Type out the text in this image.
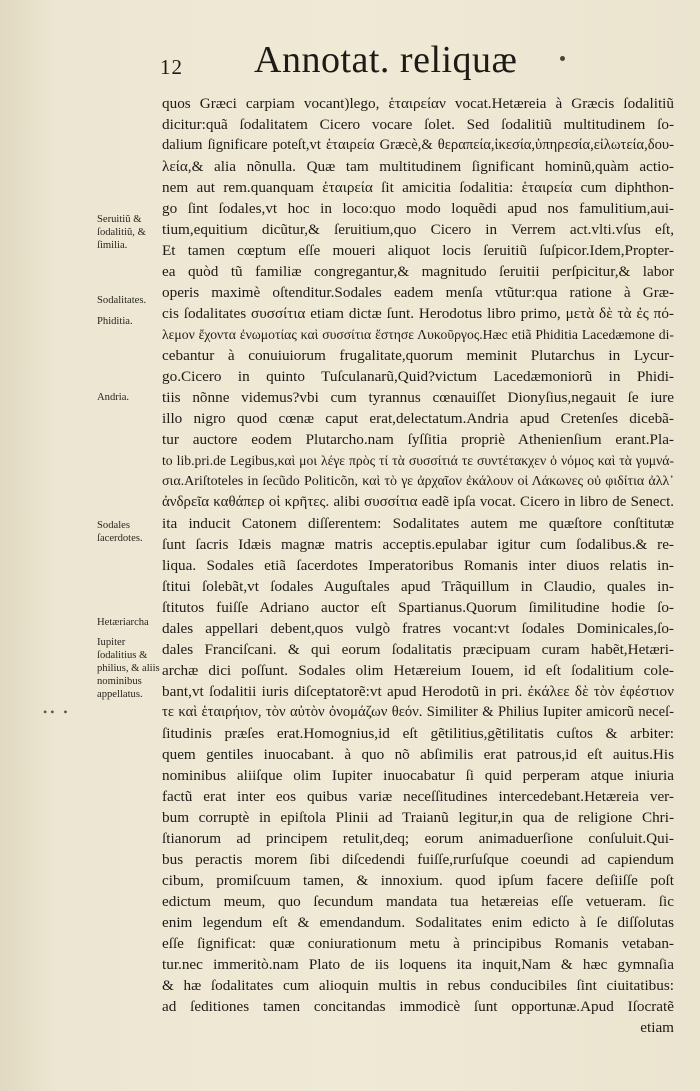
12 Annotat. reliquæ
•• •
Seruitiũ & ſodalitiũ, & ſimilia.
Sodalitates.
Phiditia.
Andria.
Sodales ſacerdotes.
Hetæriarcha
Iupiter ſodalitius & philius, & aliis nominibus appellatus.
quos Græci carpiam vocant)lego, ἑταιρείαν vocat.Hetæreia à Græcis ſodalitiũ
dicitur:quã ſodalitatem Cicero vocare ſolet. Sed ſodalitiũ multitudinem ſo-
dalium ſignificare poteſt,vt ἑταιρεία Græcè,& θεραπεία,ἱκεσία,ὑπηρεσία,εἰλωτεία,δου-
λεία,& alia nõnulla. Quæ tam multitudinem ſignificant hominũ,quàm actio-
nem aut rem.quanquam ἑταιρεία ſit amicitia ſodalitia: ἑταιρεία cum diphthon-
go ſint ſodales,vt hoc in loco:quo modo loquẽdi apud nos famulitium,aui-
tium,equitium dicũtur,& ſeruitium,quo Cicero in Verrem act.vlti.vſus eſt,
Et tamen cœptum eſſe moueri aliquot locis ſeruitiũ ſuſpicor.Idem,Propter-
ea quòd tũ familiæ congregantur,& magnitudo ſeruitii perſpicitur,& labor
operis maximè oſtenditur.Sodales eadem menſa vtũtur:qua ratione à Græ-
cis ſodalitates συσσίτια etiam dictæ ſunt. Herodotus libro primo, μετὰ δὲ τὰ ἐς πό-
λεμον ἔχοντα ἐνωμοτίας καὶ συσσίτια ἔστησε Λυκοῦργος.Hæc etiã Phiditia Lacedæmone di-
cebantur à conuiuiorum frugalitate,quorum meminit Plutarchus in Lycur-
go.Cicero in quinto Tuſculanarũ,Quid?victum Lacedæmoniorũ in Phidi-
tiis nõnne videmus?vbi cum tyrannus cœnauiſſet Dionyſius,negauit ſe iure
illo nigro quod cœnæ caput erat,delectatum.Andria apud Cretenſes dicebã-
tur auctore eodem Plutarcho.nam ſyſſitia propriè Athenienſium erant.Pla-
to lib.pri.de Legibus,καὶ μοι λέγε πρὸς τί τὰ συσσίτιά τε συντέτακχεν ὁ νόμος καὶ τὰ γυμνά-
σια.Ariſtoteles in ſecũdo Politicõn, καὶ τὸ γε ἀρχαῖον ἐκάλουν οἱ Λάκωνες οὐ φιδίτια ἀλλ᾽
ἀνδρεῖα καθάπερ οἱ κρῆτες. alibi συσσίτια eadẽ ipſa vocat. Cicero in libro de Senect.
ita inducit Catonem diſſerentem: Sodalitates autem me quæſtore conſtitutæ
ſunt ſacris Idæis magnæ matris acceptis.epulabar igitur cum ſodalibus.& re-
liqua. Sodales etiã ſacerdotes Imperatoribus Romanis inter diuos relatis in-
ſtitui ſolebãt,vt ſodales Auguſtales apud Trãquillum in Claudio, quales in-
ſtitutos fuiſſe Adriano auctor eſt Spartianus.Quorum ſimilitudine hodie ſo-
dales appellari debent,quos vulgò fratres vocant:vt ſodales Dominicales,ſo-
dales Franciſcani. & qui eorum ſodalitatis præcipuam curam habẽt,Hetæri-
archæ dici poſſunt. Sodales olim Hetæreium Iouem, id eſt ſodalitium cole-
bant,vt ſodalitii iuris diſceptatorẽ:vt apud Herodotũ in pri. ἐκάλεε δὲ τὸν ἐφέστιον
τε καὶ ἑταιρήιον, τὸν αὐτὸν ὀνομάζων θεόν. Similiter & Philius Iupiter amicorũ neceſ-
ſitudinis præſes erat.Homognius,id eſt gẽtilitius,gẽtilitatis cuſtos & arbiter:
quem gentiles inuocabant. à quo nõ abſimilis erat patrous,id eſt auitus.His
nominibus aliiſque olim Iupiter inuocabatur ſi quid perperam atque iniuria
factũ erat inter eos quibus variæ neceſſitudines intercedebant.Hetæreia ver-
bum corruptè in epiſtola Plinii ad Traianũ legitur,in qua de religione Chri-
ſtianorum ad principem retulit,deq; eorum animaduerſione conſuluit.Qui-
bus peractis morem ſibi diſcedendi fuiſſe,rurſuſque coeundi ad capiendum
cibum, promiſcuum tamen, & innoxium. quod ipſum facere deſiiſſe poſt
edictum meum, quo ſecundum mandata tua hetæreias eſſe vetueram. ſic
enim legendum eſt & emendandum. Sodalitates enim edicto à ſe diſſolutas
eſſe ſignificat: quæ coniurationum metu à principibus Romanis vetaban-
tur.nec immeritò.nam Plato de iis loquens ita inquit,Nam & hæc gymnaſia
& hæ ſodalitates cum alioquin multis in rebus conducibiles ſint ciuitatibus:
ad ſeditiones tamen concitandas immodicè ſunt opportunæ.Apud Iſocratẽ
etiam
